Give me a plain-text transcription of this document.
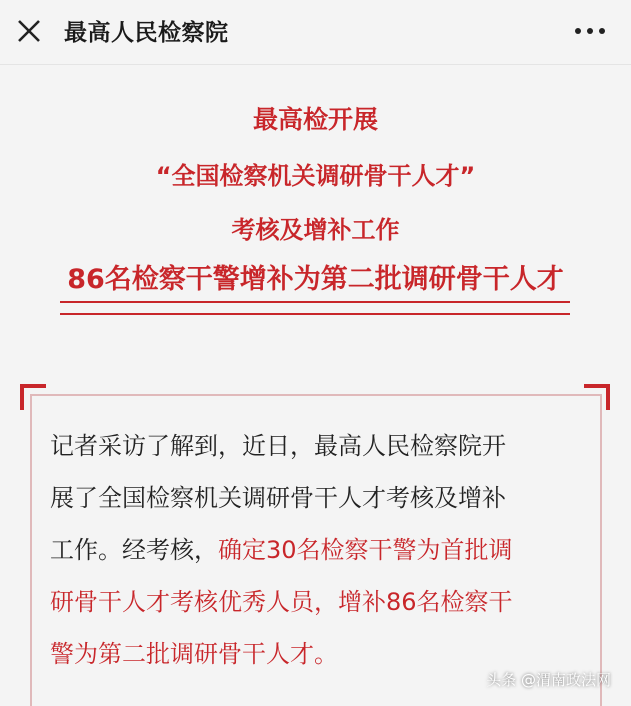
最高人民检察院
最高检开展
“全国检察机关调研骨干人才”
考核及增补工作
86名检察干警增补为第二批调研骨干人才
记者采访了解到，近日，最高人民检察院开
展了全国检察机关调研骨干人才考核及增补
工作。经考核，确定30名检察干警为首批调
研骨干人才考核优秀人员，增补86名检察干
警为第二批调研骨干人才。
头条 @渭南政法网
